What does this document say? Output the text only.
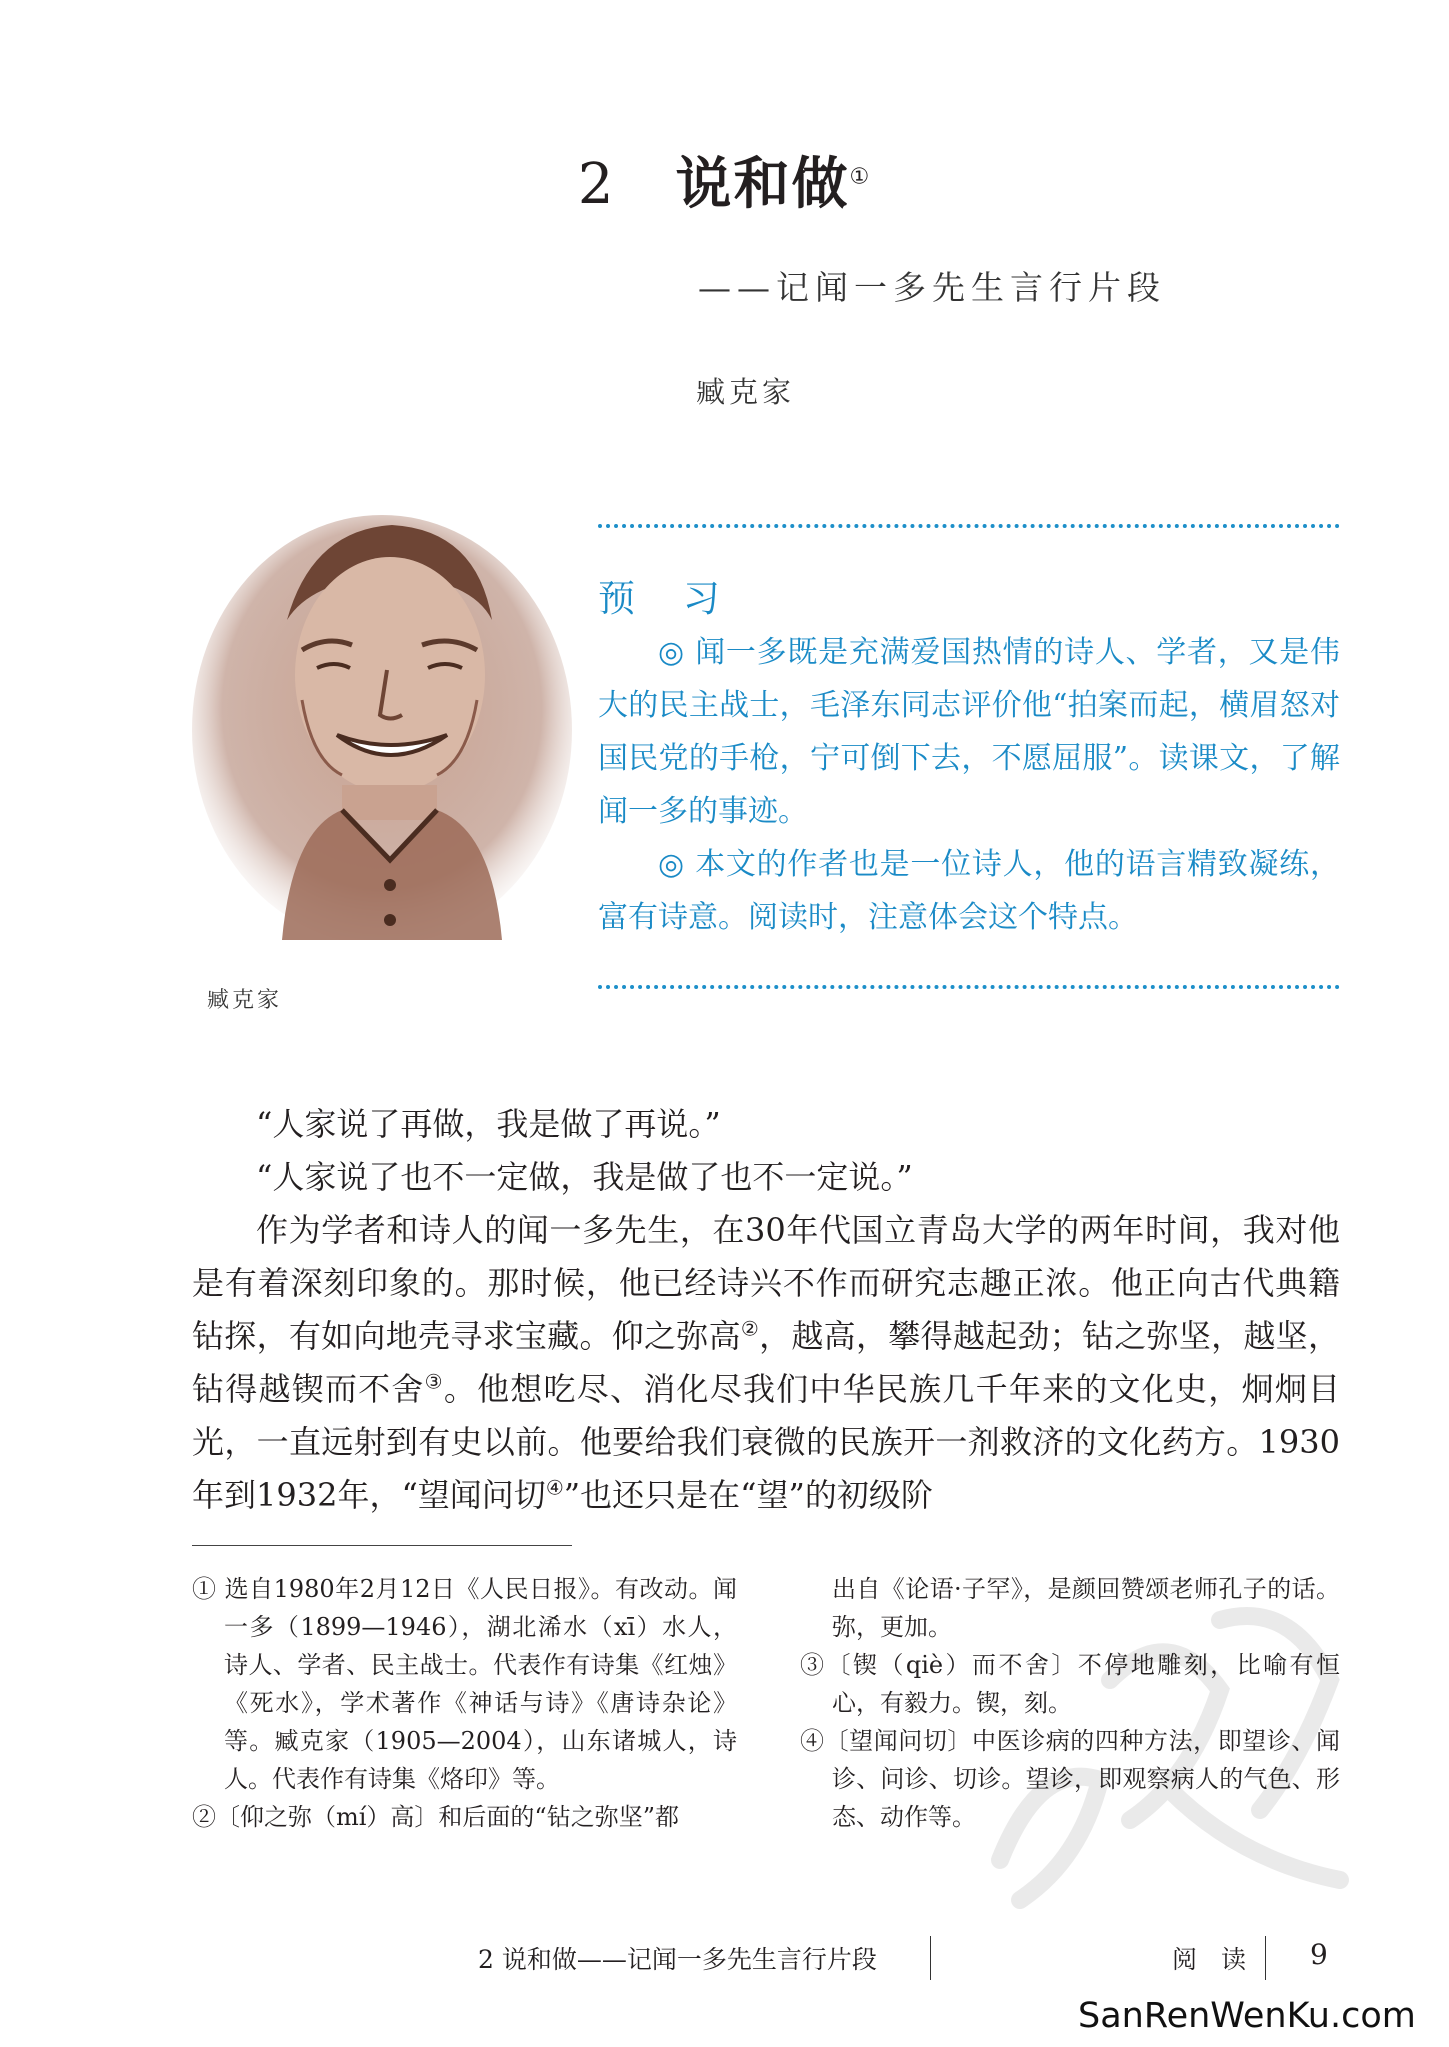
2 说和做①
——记闻一多先生言行片段
臧克家
臧克家
预 习

◎ 闻一多既是充满爱国热情的诗人、学者，又是伟大的民主战士，毛泽东同志评价他“拍案而起，横眉怒对国民党的手枪，宁可倒下去，不愿屈服”。读课文，了解闻一多的事迹。

◎ 本文的作者也是一位诗人，他的语言精致凝练，富有诗意。阅读时，注意体会这个特点。

“人家说了再做，我是做了再说。”

“人家说了也不一定做，我是做了也不一定说。”

作为学者和诗人的闻一多先生，在30年代国立青岛大学的两年时间，我对他是有着深刻印象的。那时候，他已经诗兴不作而研究志趣正浓。他正向古代典籍钻探，有如向地壳寻求宝藏。仰之弥高②，越高，攀得越起劲；钻之弥坚，越坚，钻得越锲而不舍③。他想吃尽、消化尽我们中华民族几千年来的文化史，炯炯目光，一直远射到有史以前。他要给我们衰微的民族开一剂救济的文化药方。1930年到1932年，“望闻问切④”也还只是在“望”的初级阶

① 选自1980年2月12日《人民日报》。有改动。闻一多（1899—1946），湖北浠水（xī）水人，诗人、学者、民主战士。代表作有诗集《红烛》《死水》，学术著作《神话与诗》《唐诗杂论》等。臧克家（1905—2004），山东诸城人，诗人。代表作有诗集《烙印》等。

②〔仰之弥（mí）高〕和后面的“钻之弥坚”都

出自《论语·子罕》，是颜回赞颂老师孔子的话。弥，更加。

③〔锲（qiè）而不舍〕不停地雕刻，比喻有恒心，有毅力。锲，刻。

④〔望闻问切〕中医诊病的四种方法，即望诊、闻诊、问诊、切诊。望诊，即观察病人的气色、形态、动作等。

2 说和做——记闻一多先生言行片段	阅 读 9
SanRenWenKu.com
